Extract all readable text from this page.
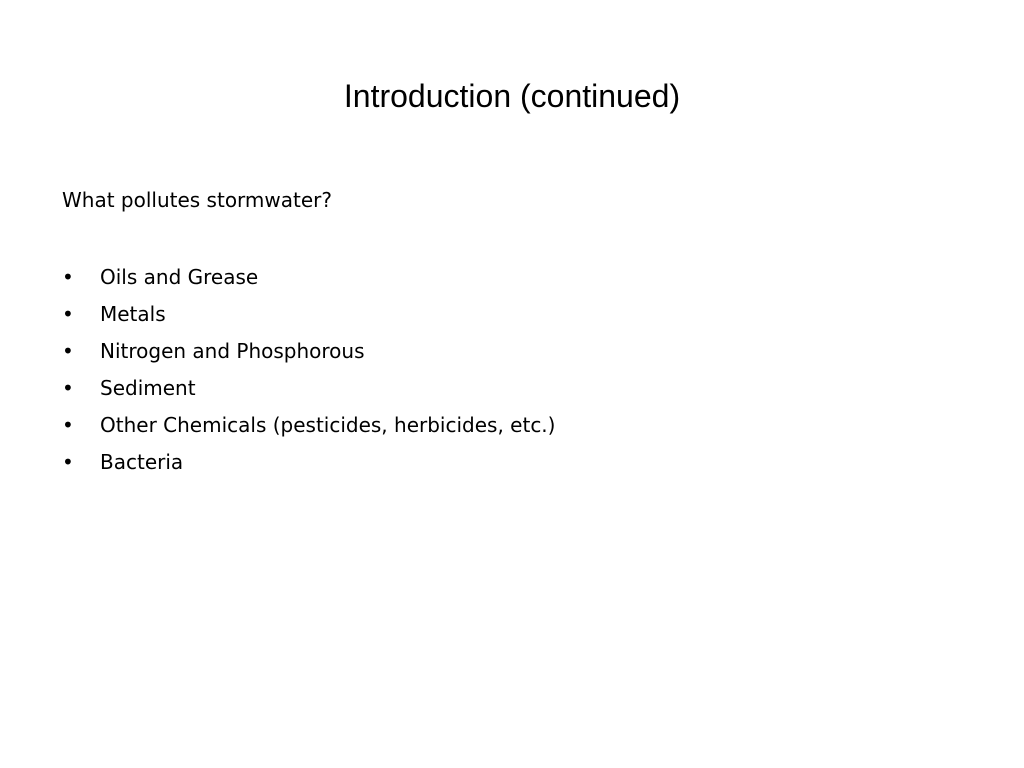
Introduction (continued)
What pollutes stormwater?
•	Oils and Grease
•	Metals
•	Nitrogen and Phosphorous
•	Sediment
•	Other Chemicals (pesticides, herbicides, etc.)
•	Bacteria
